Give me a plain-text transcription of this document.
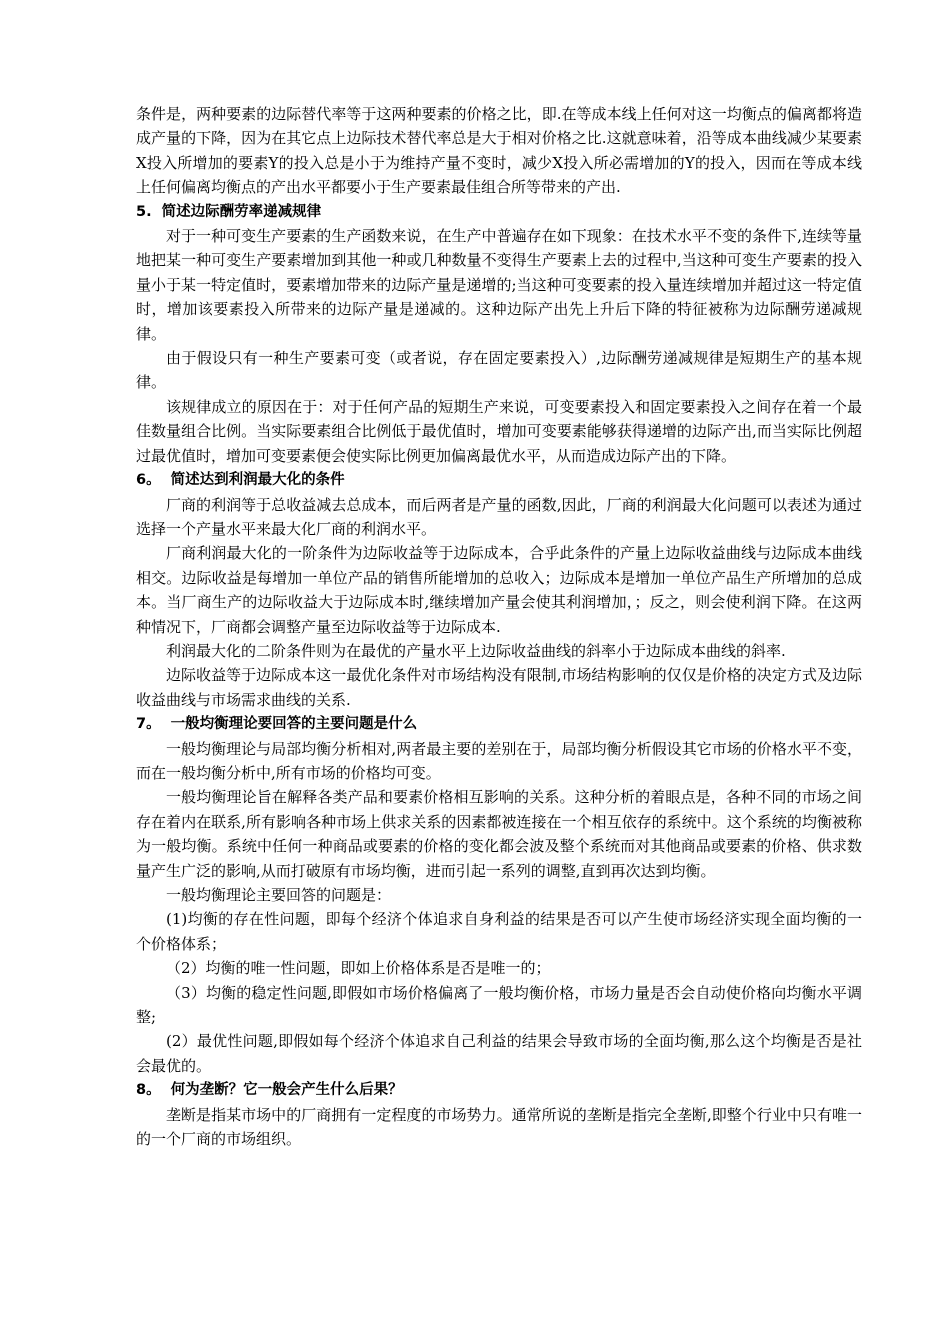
条件是，两种要素的边际替代率等于这两种要素的价格之比，即.在等成本线上任何对这一均衡点的偏离都将造成产量的下降，因为在其它点上边际技术替代率总是大于相对价格之比.这就意味着，沿等成本曲线减少某要素X投入所增加的要素Y的投入总是小于为维持产量不变时，减少X投入所必需增加的Y的投入，因而在等成本线上任何偏离均衡点的产出水平都要小于生产要素最佳组合所等带来的产出.

5. 简述边际酬劳率递减规律

对于一种可变生产要素的生产函数来说，在生产中普遍存在如下现象：在技术水平不变的条件下,连续等量地把某一种可变生产要素增加到其他一种或几种数量不变得生产要素上去的过程中,当这种可变生产要素的投入量小于某一特定值时，要素增加带来的边际产量是递增的;当这种可变要素的投入量连续增加并超过这一特定值时，增加该要素投入所带来的边际产量是递减的。这种边际产出先上升后下降的特征被称为边际酬劳递减规律。

由于假设只有一种生产要素可变（或者说，存在固定要素投入）,边际酬劳递减规律是短期生产的基本规律。

该规律成立的原因在于：对于任何产品的短期生产来说，可变要素投入和固定要素投入之间存在着一个最佳数量组合比例。当实际要素组合比例低于最优值时，增加可变要素能够获得递增的边际产出,而当实际比例超过最优值时，增加可变要素便会使实际比例更加偏离最优水平，从而造成边际产出的下降。

6。 简述达到利润最大化的条件

厂商的利润等于总收益减去总成本，而后两者是产量的函数,因此，厂商的利润最大化问题可以表述为通过选择一个产量水平来最大化厂商的利润水平。

厂商利润最大化的一阶条件为边际收益等于边际成本，合乎此条件的产量上边际收益曲线与边际成本曲线相交。边际收益是每增加一单位产品的销售所能增加的总收入；边际成本是增加一单位产品生产所增加的总成本。当厂商生产的边际收益大于边际成本时,继续增加产量会使其利润增加，；反之，则会使利润下降。在这两种情况下，厂商都会调整产量至边际收益等于边际成本.

利润最大化的二阶条件则为在最优的产量水平上边际收益曲线的斜率小于边际成本曲线的斜率.

边际收益等于边际成本这一最优化条件对市场结构没有限制,市场结构影响的仅仅是价格的决定方式及边际收益曲线与市场需求曲线的关系.

7。 一般均衡理论要回答的主要问题是什么

一般均衡理论与局部均衡分析相对,两者最主要的差别在于，局部均衡分析假设其它市场的价格水平不变，而在一般均衡分析中,所有市场的价格均可变。

一般均衡理论旨在解释各类产品和要素价格相互影响的关系。这种分析的着眼点是，各种不同的市场之间存在着内在联系,所有影响各种市场上供求关系的因素都被连接在一个相互依存的系统中。这个系统的均衡被称为一般均衡。系统中任何一种商品或要素的价格的变化都会波及整个系统而对其他商品或要素的价格、供求数量产生广泛的影响,从而打破原有市场均衡，进而引起一系列的调整,直到再次达到均衡。

一般均衡理论主要回答的问题是：

(1)均衡的存在性问题，即每个经济个体追求自身利益的结果是否可以产生使市场经济实现全面均衡的一个价格体系；

（2）均衡的唯一性问题，即如上价格体系是否是唯一的；

（3）均衡的稳定性问题,即假如市场价格偏离了一般均衡价格，市场力量是否会自动使价格向均衡水平调整;

(2）最优性问题,即假如每个经济个体追求自己利益的结果会导致市场的全面均衡,那么这个均衡是否是社会最优的。

8。 何为垄断？它一般会产生什么后果？

垄断是指某市场中的厂商拥有一定程度的市场势力。通常所说的垄断是指完全垄断,即整个行业中只有唯一的一个厂商的市场组织。
